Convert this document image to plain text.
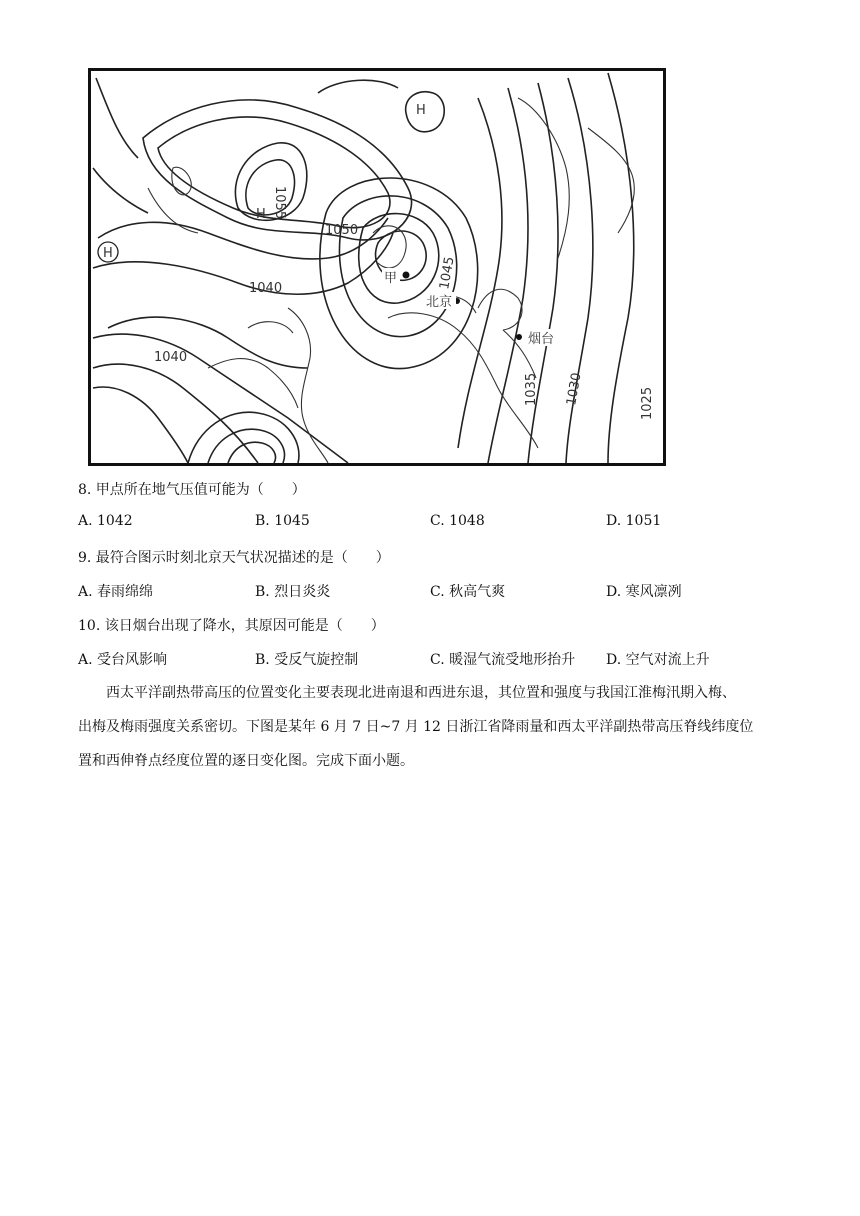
H
H
H
1055
1050
1045
1040
1040
1035 1030	1025
甲
北京
烟台
8. 甲点所在地气压值可能为（　　）
A. 1042	B. 1045	C. 1048	D. 1051
9. 最符合图示时刻北京天气状况描述的是（　　）
A. 春雨绵绵	B. 烈日炎炎	C. 秋高气爽	D. 寒风凛冽
10. 该日烟台出现了降水，其原因可能是（　　）
A. 受台风影响	B. 受反气旋控制	C. 暖湿气流受地形抬升 D. 空气对流上升

　　西太平洋副热带高压的位置变化主要表现北进南退和西进东退，其位置和强度与我国江淮梅汛期入梅、

出梅及梅雨强度关系密切。下图是某年 6 月 7 日~7 月 12 日浙江省降雨量和西太平洋副热带高压脊线纬度位

置和西伸脊点经度位置的逐日变化图。完成下面小题。
